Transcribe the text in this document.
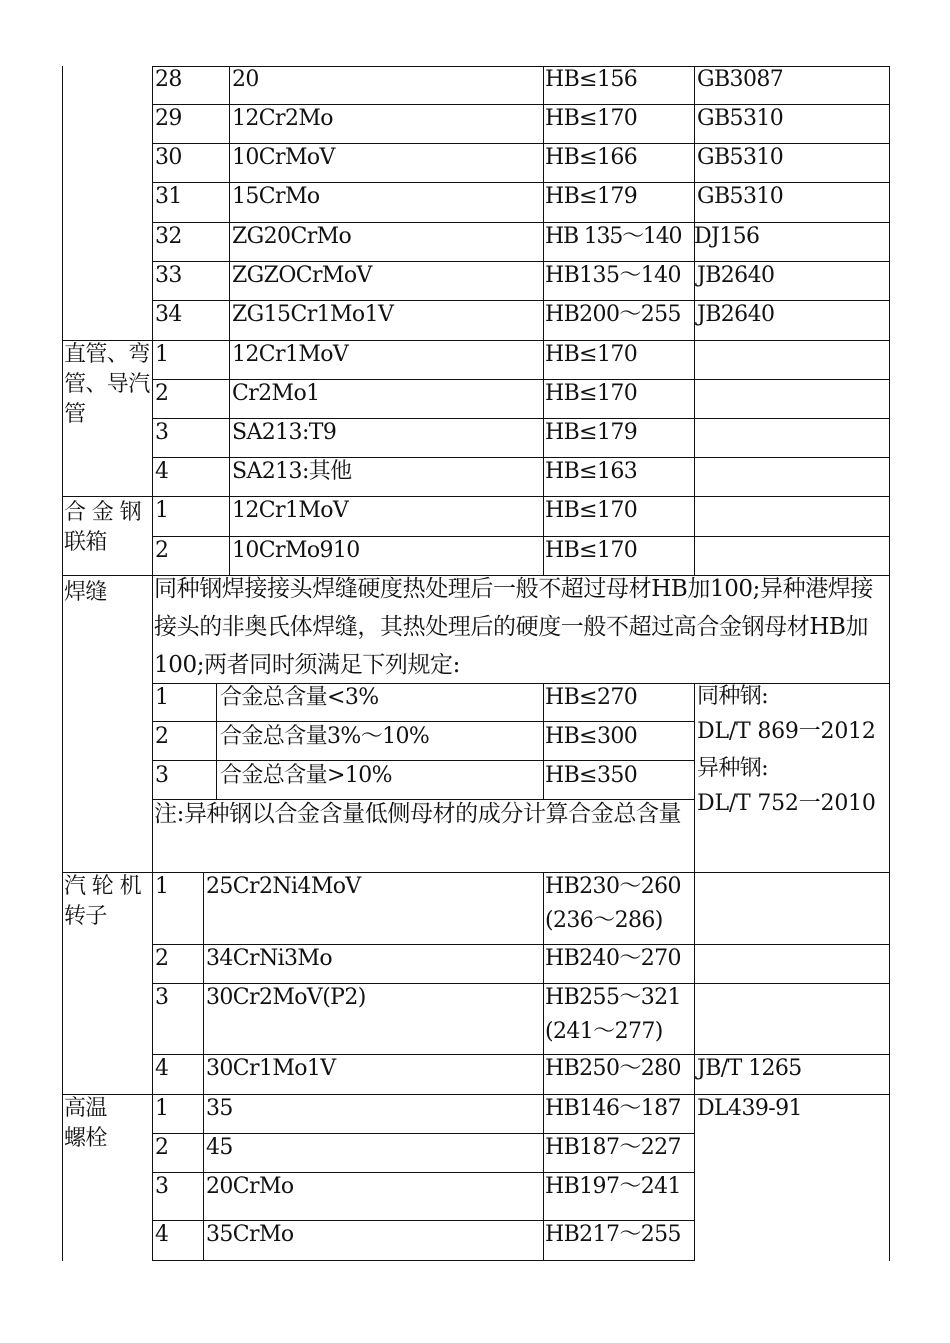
28 20	HB≤156	GB3087
29 12Cr2Mo	HB≤170	GB5310
30 10CrMoV	HB≤166	GB5310
31 15CrMo	HB≤179	GB5310
32 ZG20CrMo	HB 135～140 DJ156
33 ZGZOCrMoV	HB135～140 JB2640
34 ZG15Cr1Mo1V	HB200～255 JB2640
直管、弯管、导汽管
1	12Cr1MoV	HB≤170
2	Cr2Mo1	HB≤170
3	SA213:T9	HB≤179
4	SA213:其他	HB≤163
合 金 钢联箱
1	12Cr1MoV	HB≤170
2	10CrMo910	HB≤170
焊缝	同种钢焊接接头焊缝硬度热处理后一般不超过母材HB加100;异种港焊接接头的非奥氏体焊缝，其热处理后的硬度一般不超过高合金钢母材HB加100;两者同时须满足下列规定:
1 合金总含量<3%	HB≤270
2 合金总含量3%～10%	HB≤300
3 合金总含量>10%	HB≤350
注:异种钢以合金含量低侧母材的成分计算合金总含量
同种钢:
DL/T 869一2012
异种钢:
DL/T 752一2010
汽 轮 机转子
1 25Cr2Ni4MoV	HB230～260
(236～286)
2 34CrNi3Mo	HB240～270
3 30Cr2MoV(P2)	HB255～321
(241～277)
4 30Cr1Mo1V	HB250～280 JB/T 1265
高温螺栓
1 35	HB146～187 DL439-91
2 45	HB187～227
3 20CrMo	HB197～241
4 35CrMo	HB217～255
